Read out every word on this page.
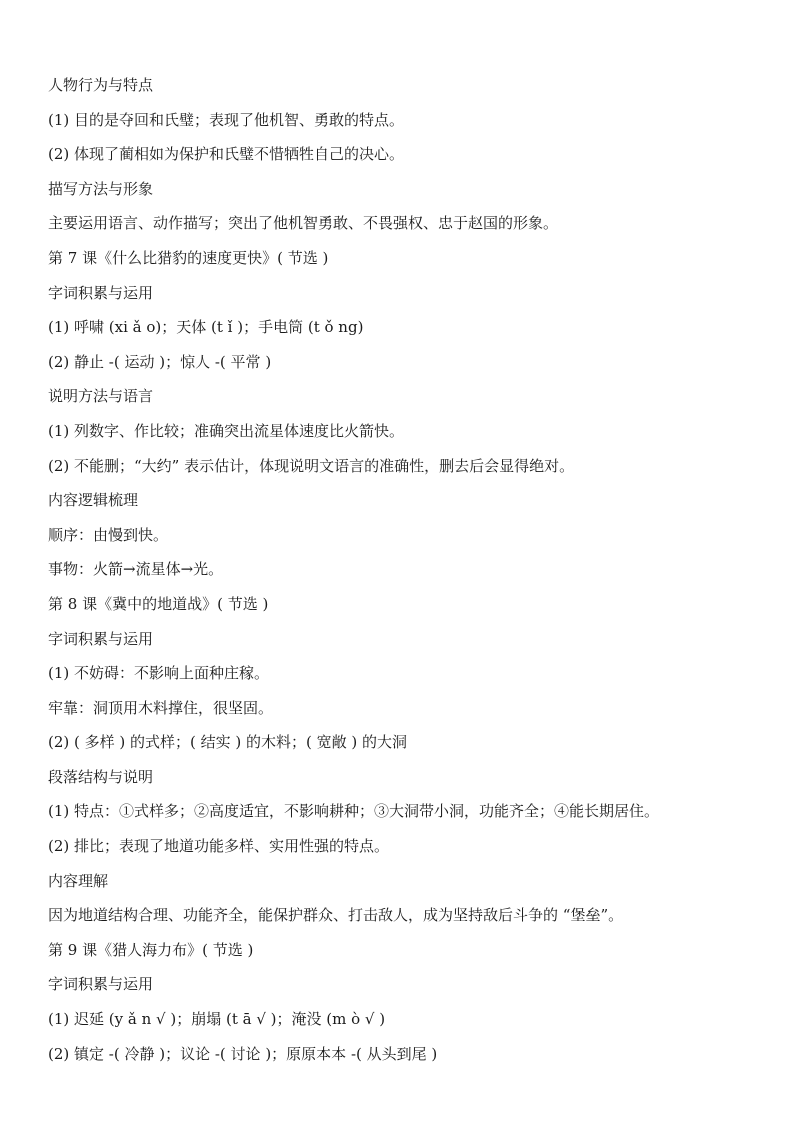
人物行为与特点
(1) 目的是夺回和氏璧；表现了他机智、勇敢的特点。
(2) 体现了蔺相如为保护和氏璧不惜牺牲自己的决心。
描写方法与形象
主要运用语言、动作描写；突出了他机智勇敢、不畏强权、忠于赵国的形象。
第 7 课《什么比猎豹的速度更快》( 节选 )
字词积累与运用
(1) 呼啸 (xi ǎ o)；天体 (t ǐ )；手电筒 (t ǒ ng)
(2) 静止 -( 运动 )；惊人 -( 平常 )
说明方法与语言
(1) 列数字、作比较；准确突出流星体速度比火箭快。
(2) 不能删；“大约” 表示估计，体现说明文语言的准确性，删去后会显得绝对。
内容逻辑梳理
顺序：由慢到快。
事物：火箭→流星体→光。
第 8 课《冀中的地道战》( 节选 )
字词积累与运用
(1) 不妨碍：不影响上面种庄稼。
牢靠：洞顶用木料撑住，很坚固。
(2) ( 多样 ) 的式样；( 结实 ) 的木料；( 宽敞 ) 的大洞
段落结构与说明
(1) 特点：①式样多；②高度适宜，不影响耕种；③大洞带小洞，功能齐全；④能长期居住。
(2) 排比；表现了地道功能多样、实用性强的特点。
内容理解
因为地道结构合理、功能齐全，能保护群众、打击敌人，成为坚持敌后斗争的 “堡垒”。
第 9 课《猎人海力布》( 节选 )
字词积累与运用
(1) 迟延 (y ǎ n √ )；崩塌 (t ā √ )；淹没 (m ò √ )
(2) 镇定 -( 冷静 )；议论 -( 讨论 )；原原本本 -( 从头到尾 )
